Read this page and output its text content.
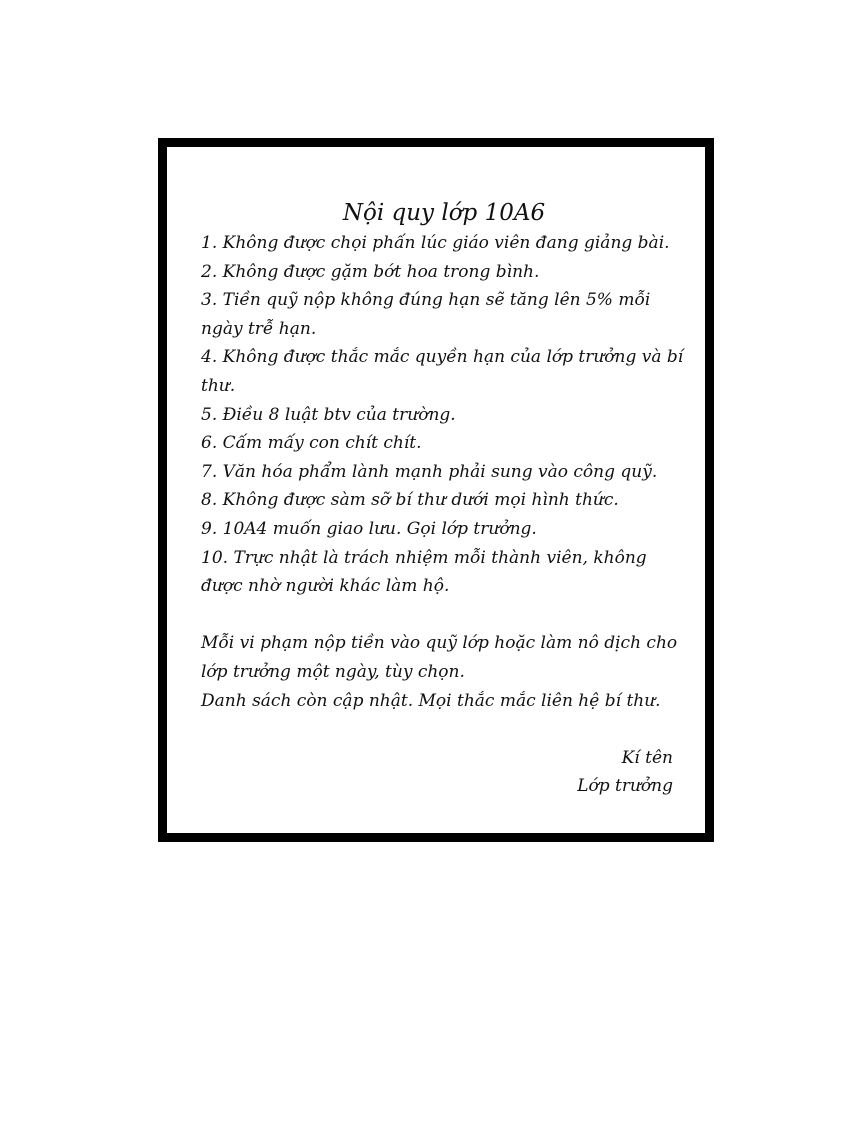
Nội quy lớp 10A6
1. Không được chọi phấn lúc giáo viên đang giảng bài.
2. Không được gặm bớt hoa trong bình.
3. Tiền quỹ nộp không đúng hạn sẽ tăng lên 5% mỗi ngày trễ hạn.
4. Không được thắc mắc quyền hạn của lớp trưởng và bí thư.
5. Điều 8 luật btv của trường.
6. Cấm mấy con chít chít.
7. Văn hóa phẩm lành mạnh phải sung vào công quỹ.
8. Không được sàm sỡ bí thư dưới mọi hình thức.
9. 10A4 muốn giao lưu. Gọi lớp trưởng.
10. Trực nhật là trách nhiệm mỗi thành viên, không được nhờ người khác làm hộ.

Mỗi vi phạm nộp tiền vào quỹ lớp hoặc làm nô dịch cho lớp trưởng một ngày, tùy chọn.

Danh sách còn cập nhật. Mọi thắc mắc liên hệ bí thư.

Kí tên
Lớp trưởng
